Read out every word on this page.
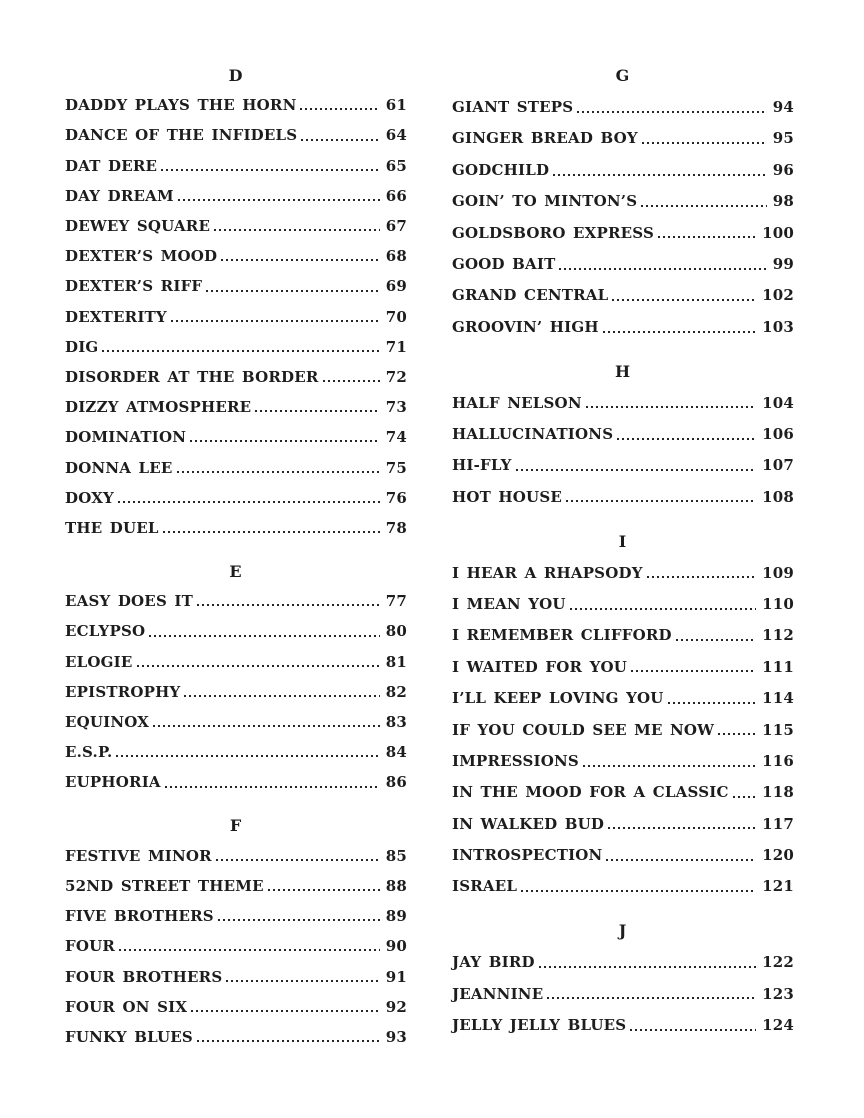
D
DADDY PLAYS THE HORN	61
DANCE OF THE INFIDELS	64
DAT DERE	65
DAY DREAM	66
DEWEY SQUARE	67
DEXTER’S MOOD	68
DEXTER’S RIFF	69
DEXTERITY	70
DIG	71
DISORDER AT THE BORDER	72
DIZZY ATMOSPHERE	73
DOMINATION	74
DONNA LEE	75
DOXY	76
THE DUEL	78
E
EASY DOES IT	77
ECLYPSO	80
ELOGIE	81
EPISTROPHY	82
EQUINOX	83
E.S.P.	84
EUPHORIA	86
F
FESTIVE MINOR	85
52ND STREET THEME	88
FIVE BROTHERS	89
FOUR	90
FOUR BROTHERS	91
FOUR ON SIX	92
FUNKY BLUES	93
G
GIANT STEPS	94
GINGER BREAD BOY	95
GODCHILD	96
GOIN’ TO MINTON’S	98
GOLDSBORO EXPRESS	100
GOOD BAIT	99
GRAND CENTRAL	102
GROOVIN’ HIGH	103
H
HALF NELSON	104
HALLUCINATIONS	106
HI-FLY	107
HOT HOUSE	108
I
I HEAR A RHAPSODY	109
I MEAN YOU	110
I REMEMBER CLIFFORD	112
I WAITED FOR YOU	111
I’LL KEEP LOVING YOU	114
IF YOU COULD SEE ME NOW	115
IMPRESSIONS	116
IN THE MOOD FOR A CLASSIC 118
IN WALKED BUD	117
INTROSPECTION	120
ISRAEL	121
J
JAY BIRD	122
JEANNINE	123
JELLY JELLY BLUES	124
